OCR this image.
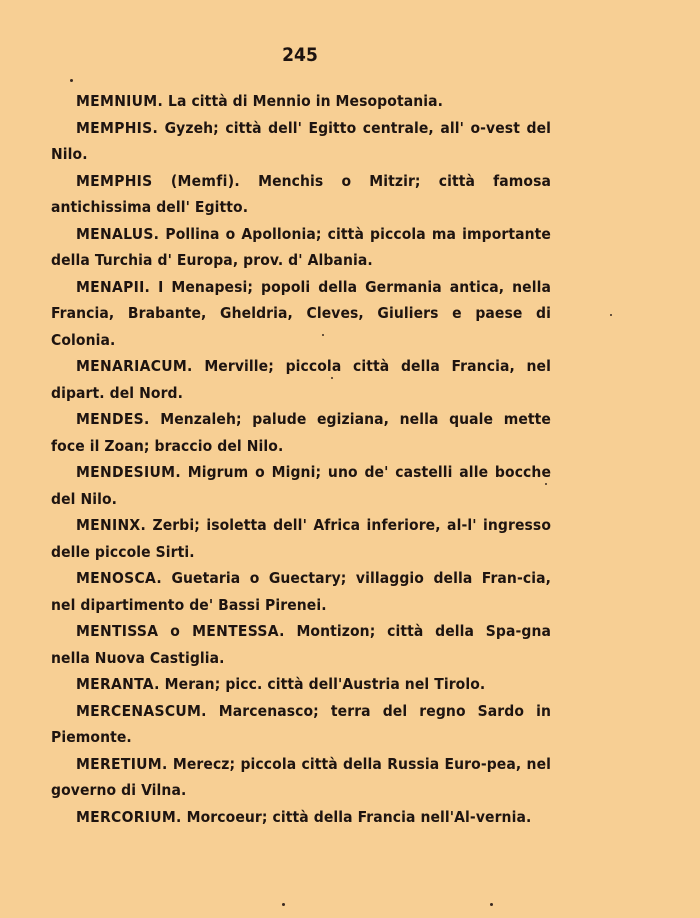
245

MEMNIUM. La città di Mennio in Mesopotania.

MEMPHIS. Gyzeh; città dell' Egitto centrale, all' o-vest del Nilo.

MEMPHIS (Memfi). Menchis o Mitzir; città famosa antichissima dell' Egitto.

MENALUS. Pollina o Apollonia; città piccola ma importante della Turchia d' Europa, prov. d' Albania.

MENAPII. I Menapesi; popoli della Germania antica, nella Francia, Brabante, Gheldria, Cleves, Giuliers e paese di Colonia.

MENARIACUM. Merville; piccola città della Francia, nel dipart. del Nord.

MENDES. Menzaleh; palude egiziana, nella quale mette foce il Zoan; braccio del Nilo.

MENDESIUM. Migrum o Migni; uno de' castelli alle bocche del Nilo.

MENINX. Zerbi; isoletta dell' Africa inferiore, al-l' ingresso delle piccole Sirti.

MENOSCA. Guetaria o Guectary; villaggio della Fran-cia, nel dipartimento de' Bassi Pirenei.

MENTISSA o MENTESSA. Montizon; città della Spa-gna nella Nuova Castiglia.

MERANTA. Meran; picc. città dell'Austria nel Tirolo.

MERCENASCUM. Marcenasco; terra del regno Sardo in Piemonte.

MERETIUM. Merecz; piccola città della Russia Euro-pea, nel governo di Vilna.

MERCORIUM. Morcoeur; città della Francia nell'Al-vernia.
